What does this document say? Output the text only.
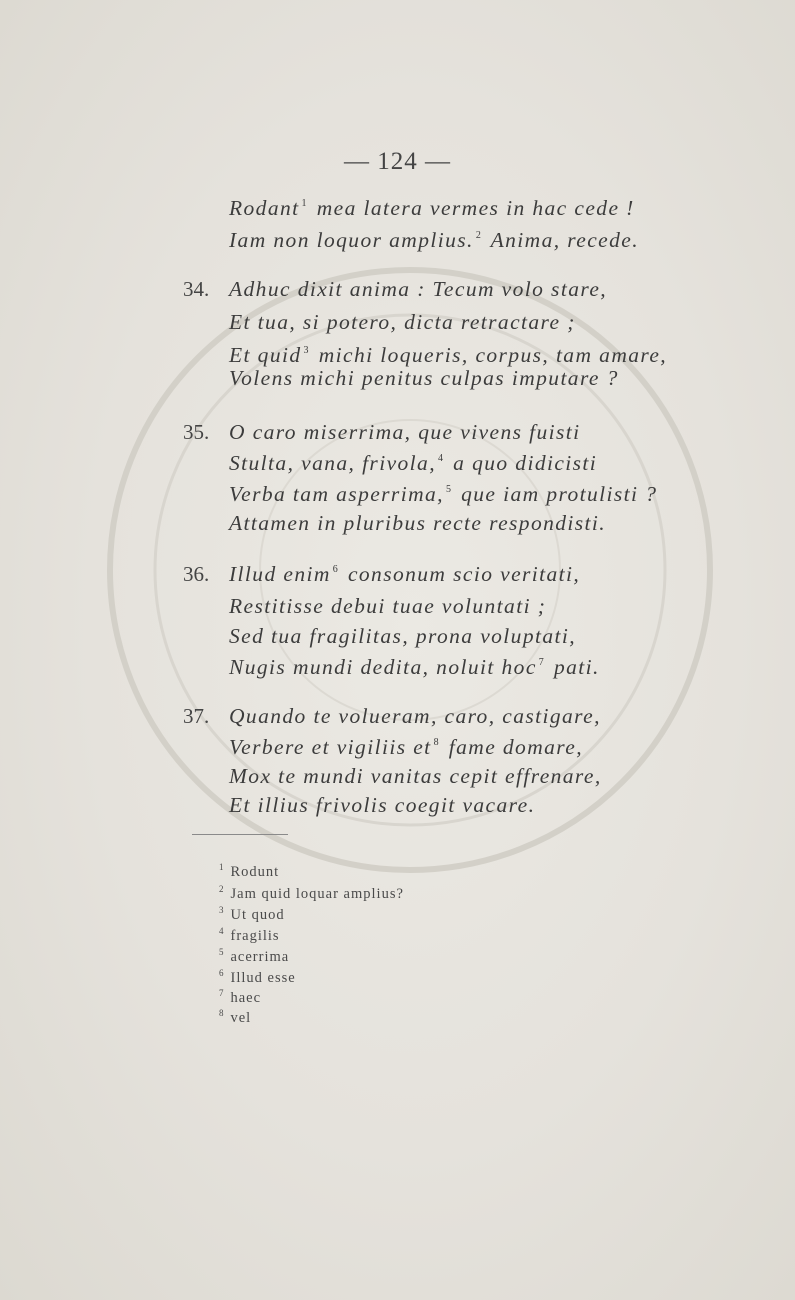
— 124 —
Rodant $^1$ mea latera vermes in hac cede !
Iam non loquor amplius. $^2$ Anima, recede.
34. Adhuc dixit anima : Tecum volo stare,
Et tua, si potero, dicta retractare ;
Et quid $^3$ michi loqueris, corpus, tam amare,
Volens michi penitus culpas imputare ?
35. O caro miserrima, que vivens fuisti
Stulta, vana, frivola, $^4$ a quo didicisti
Verba tam asperrima, $^5$ que iam protulisti ?
Attamen in pluribus recte respondisti.
36. Illud enim $^6$ consonum scio veritati,
Restitisse debui tuae voluntati ;
Sed tua fragilitas, prona voluptati,
Nugis mundi dedita, noluit hoc $^7$ pati.
37. Quando te volueram, caro, castigare,
Verbere et vigiliis et $^8$ fame domare,
Mox te mundi vanitas cepit effrenare,
Et illius frivolis coegit vacare.
$^1$ Rodunt
$^2$ Jam quid loquar amplius?
$^3$ Ut quod
$^4$ fragilis
$^5$ acerrima
$^6$ Illud esse
$^7$ haec
$^8$ vel
